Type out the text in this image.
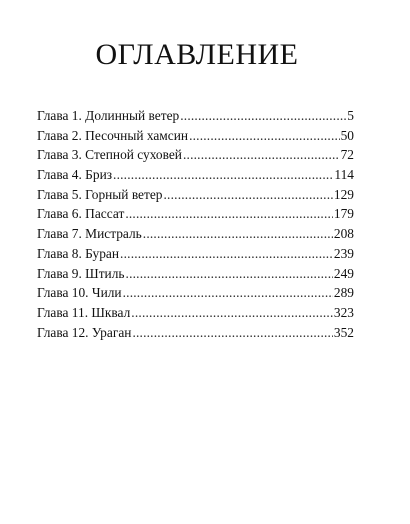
ОГЛАВЛЕНИЕ
Глава 1. Долинный ветер .....	5
Глава 2. Песочный хамсин .....	50
Глава 3. Степной суховей .....	72
Глава 4. Бриз .....	114
Глава 5. Горный ветер .....	129
Глава 6. Пассат .....	179
Глава 7. Мистраль .....	208
Глава 8. Буран .....	239
Глава 9. Штиль .....	249
Глава 10. Чили .....	289
Глава 11. Шквал .....	323
Глава 12. Ураган .....	352
